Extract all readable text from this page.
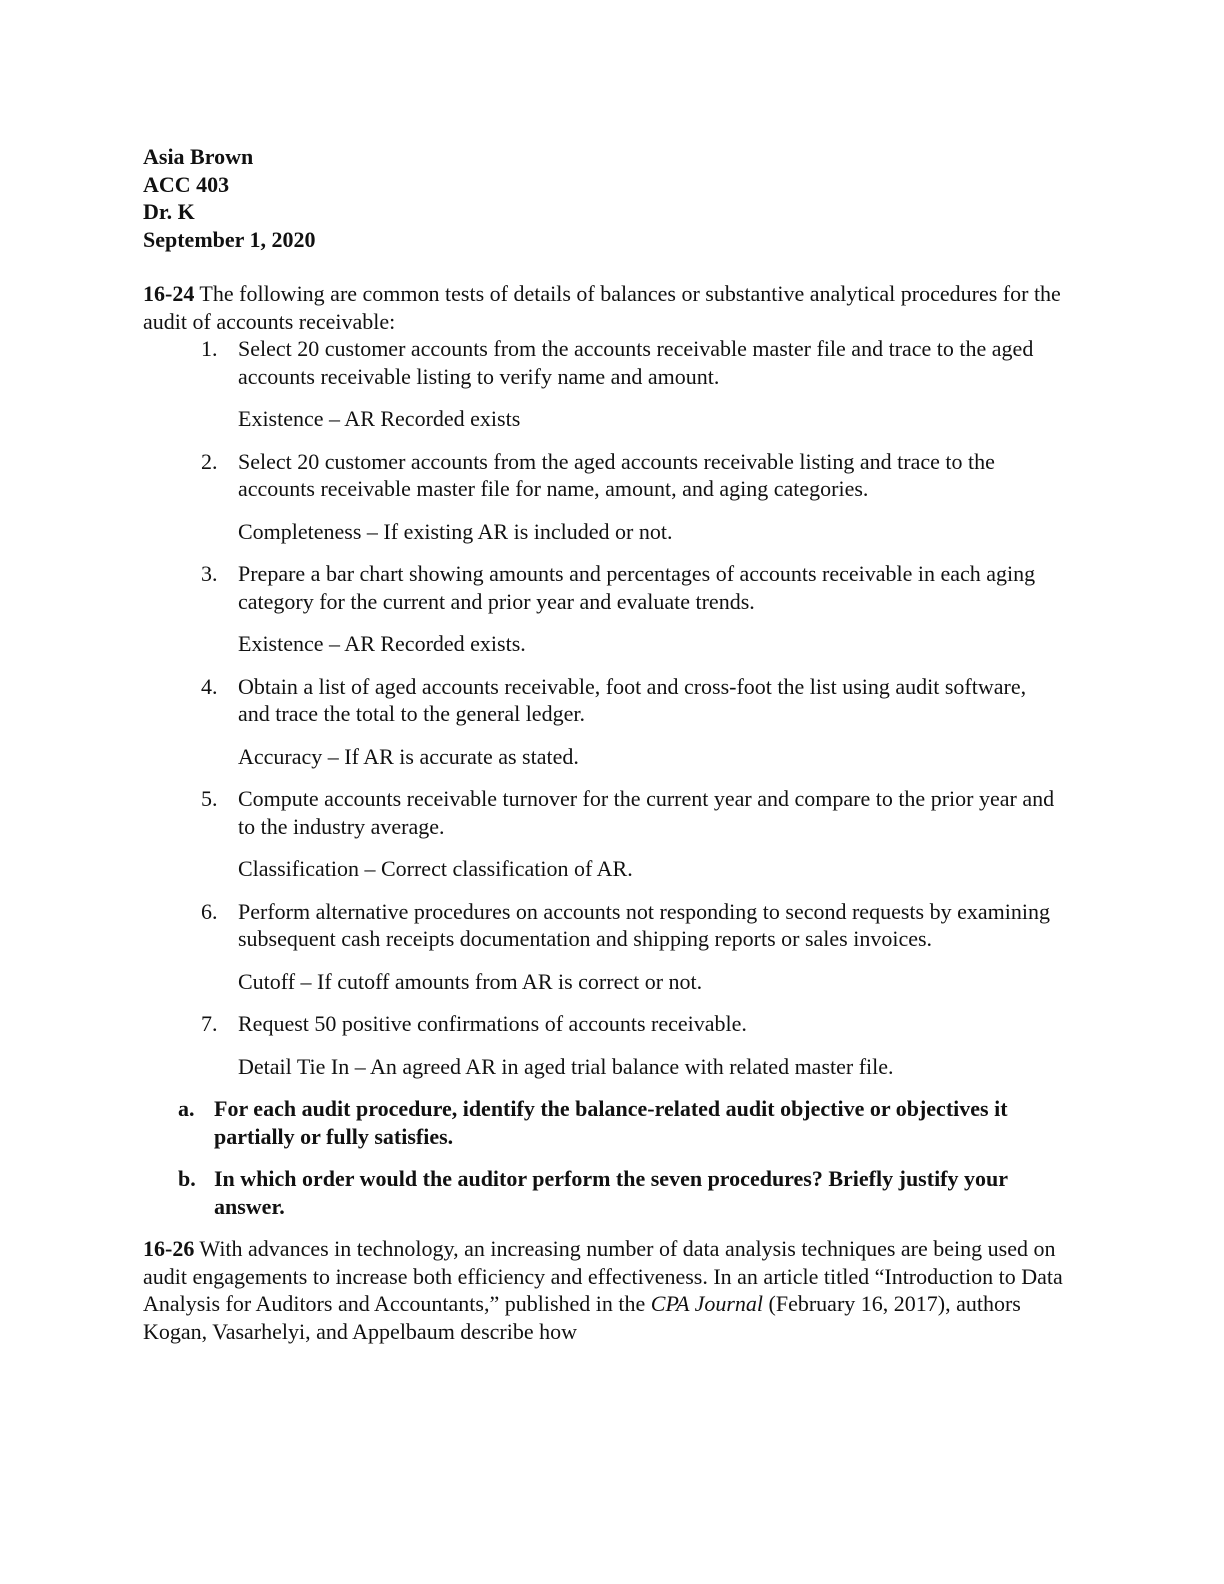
Asia Brown
ACC 403
Dr. K
September 1, 2020

16-24 The following are common tests of details of balances or substantive analytical procedures for the audit of accounts receivable:

1. Select 20 customer accounts from the accounts receivable master file and trace to the aged accounts receivable listing to verify name and amount.

Existence – AR Recorded exists

2. Select 20 customer accounts from the aged accounts receivable listing and trace to the accounts receivable master file for name, amount, and aging categories.

Completeness – If existing AR is included or not.

3. Prepare a bar chart showing amounts and percentages of accounts receivable in each aging category for the current and prior year and evaluate trends.

Existence – AR Recorded exists.

4. Obtain a list of aged accounts receivable, foot and cross-foot the list using audit software, and trace the total to the general ledger.

Accuracy – If AR is accurate as stated.

5. Compute accounts receivable turnover for the current year and compare to the prior year and to the industry average.

Classification – Correct classification of AR.

6. Perform alternative procedures on accounts not responding to second requests by examining subsequent cash receipts documentation and shipping reports or sales invoices.

Cutoff – If cutoff amounts from AR is correct or not.

7. Request 50 positive confirmations of accounts receivable.

Detail Tie In – An agreed AR in aged trial balance with related master file.

a. For each audit procedure, identify the balance-related audit objective or objectives it partially or fully satisfies.
b. In which order would the auditor perform the seven procedures? Briefly justify your answer.

16-26 With advances in technology, an increasing number of data analysis techniques are being used on audit engagements to increase both efficiency and effectiveness. In an article titled “Introduction to Data Analysis for Auditors and Accountants,” published in the CPA Journal (February 16, 2017), authors Kogan, Vasarhelyi, and Appelbaum describe how
